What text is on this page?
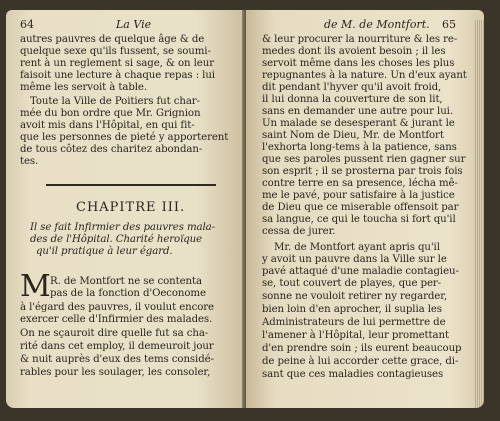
64	La Vie
autres pauvres de quelque âge & de
quelque sexe qu'ils fussent, se soumi-
rent à un reglement si sage, & on leur
faisoit une lecture à chaque repas : lui
même les servoit à table.
Toute la Ville de Poitiers fut char-
mée du bon ordre que Mr. Grignion
avoit mis dans l'Hôpital, en qui fit-
que les personnes de pieté y apporterent
de tous côtez des charitez abondan-
tes.
CHAPITRE III.
Il se fait Infirmier des pauvres mala-
des de l'Hôpital. Charité heroïque
qu'il pratique à leur égard.
M R. de Montfort ne se contenta
pas de la fonction d'Oeconome
à l'égard des pauvres, il voulut encore
exercer celle d'Infirmier des malades.
On ne sçauroit dire quelle fut sa cha-
rité dans cet employ, il demeuroit jour
& nuit auprès d'eux des tems considé-
rables pour les soulager, les consoler,
de M. de Montfort. 65
& leur procurer la nourriture & les re-
medes dont ils avoient besoin ; il les
servoit même dans les choses les plus
repugnantes à la nature. Un d'eux ayant
dit pendant l'hyver qu'il avoit froid,
il lui donna la couverture de son lit,
sans en demander une autre pour lui.
Un malade se desesperant & jurant le
saint Nom de Dieu, Mr. de Montfort
l'exhorta long-tems à la patience, sans
que ses paroles pussent rien gagner sur
son esprit ; il se prosterna par trois fois
contre terre en sa presence, lécha mê-
me le pavé, pour satisfaire à la justice
de Dieu que ce miserable offensoit par
sa langue, ce qui le toucha si fort qu'il
cessa de jurer.
Mr. de Montfort ayant apris qu'il
y avoit un pauvre dans la Ville sur le
pavé attaqué d'une maladie contagieu-
se, tout couvert de playes, que per-
sonne ne vouloit retirer ny regarder,
bien loin d'en aprocher, il suplia les
Administrateurs de lui permettre de
l'amener à l'Hôpital, leur promettant
d'en prendre soin ; ils eurent beaucoup
de peine à lui accorder cette grace, di-
sant que ces maladies contagieuses
